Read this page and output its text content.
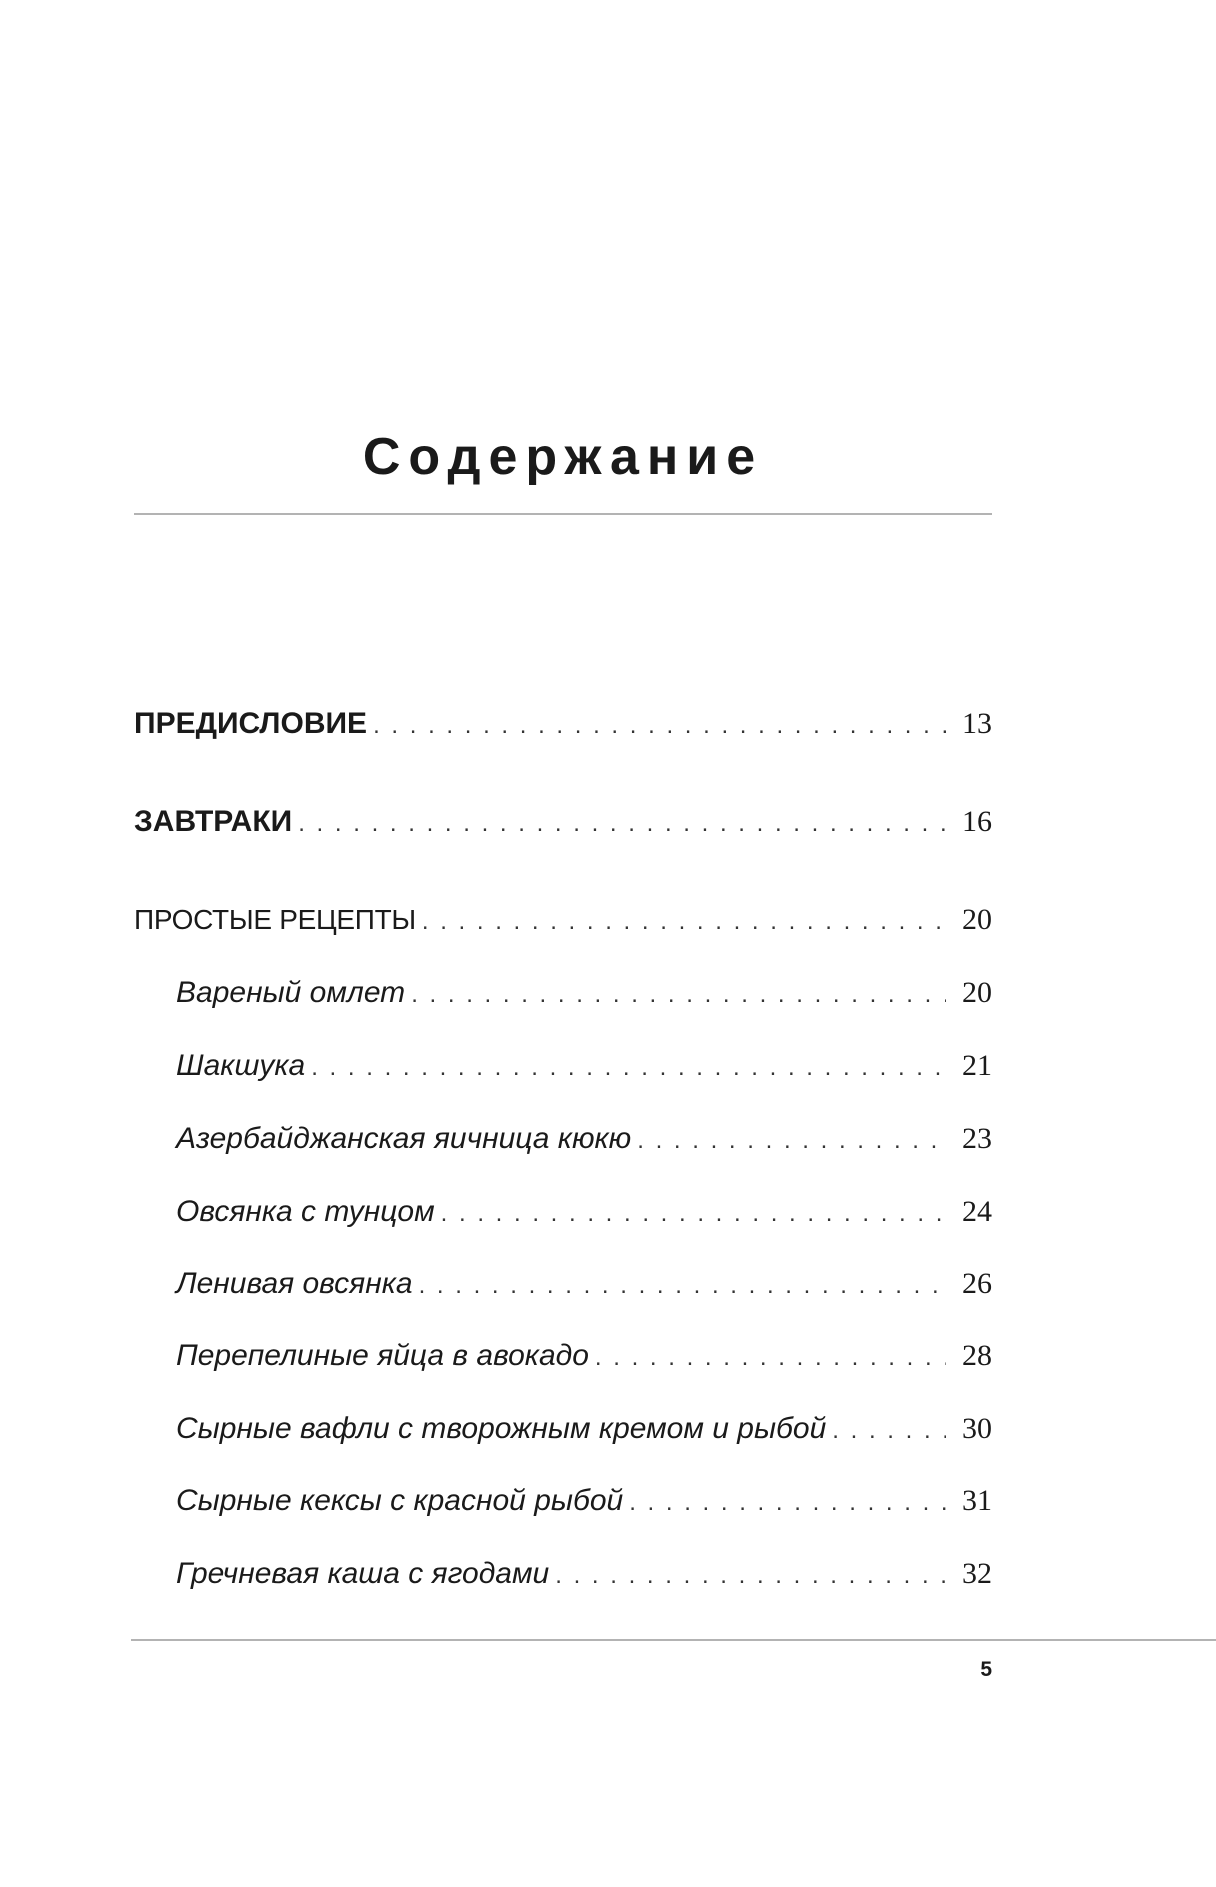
Содержание
ПРЕДИСЛОВИЕ . . .	13
ЗАВТРАКИ . . .	16
ПРОСТЫЕ РЕЦЕПТЫ . . .	20
Вареный омлет . . .	20
Шакшука . . .	21
Азербайджанская яичница кюкю . . .	23
Овсянка с тунцом . . .	24
Ленивая овсянка . . .	26
Перепелиные яйца в авокадо . . .	28
Сырные вафли с творожным кремом и рыбой . . .	30
Сырные кексы с красной рыбой . . .	31
Гречневая каша с ягодами . . .	32
5
